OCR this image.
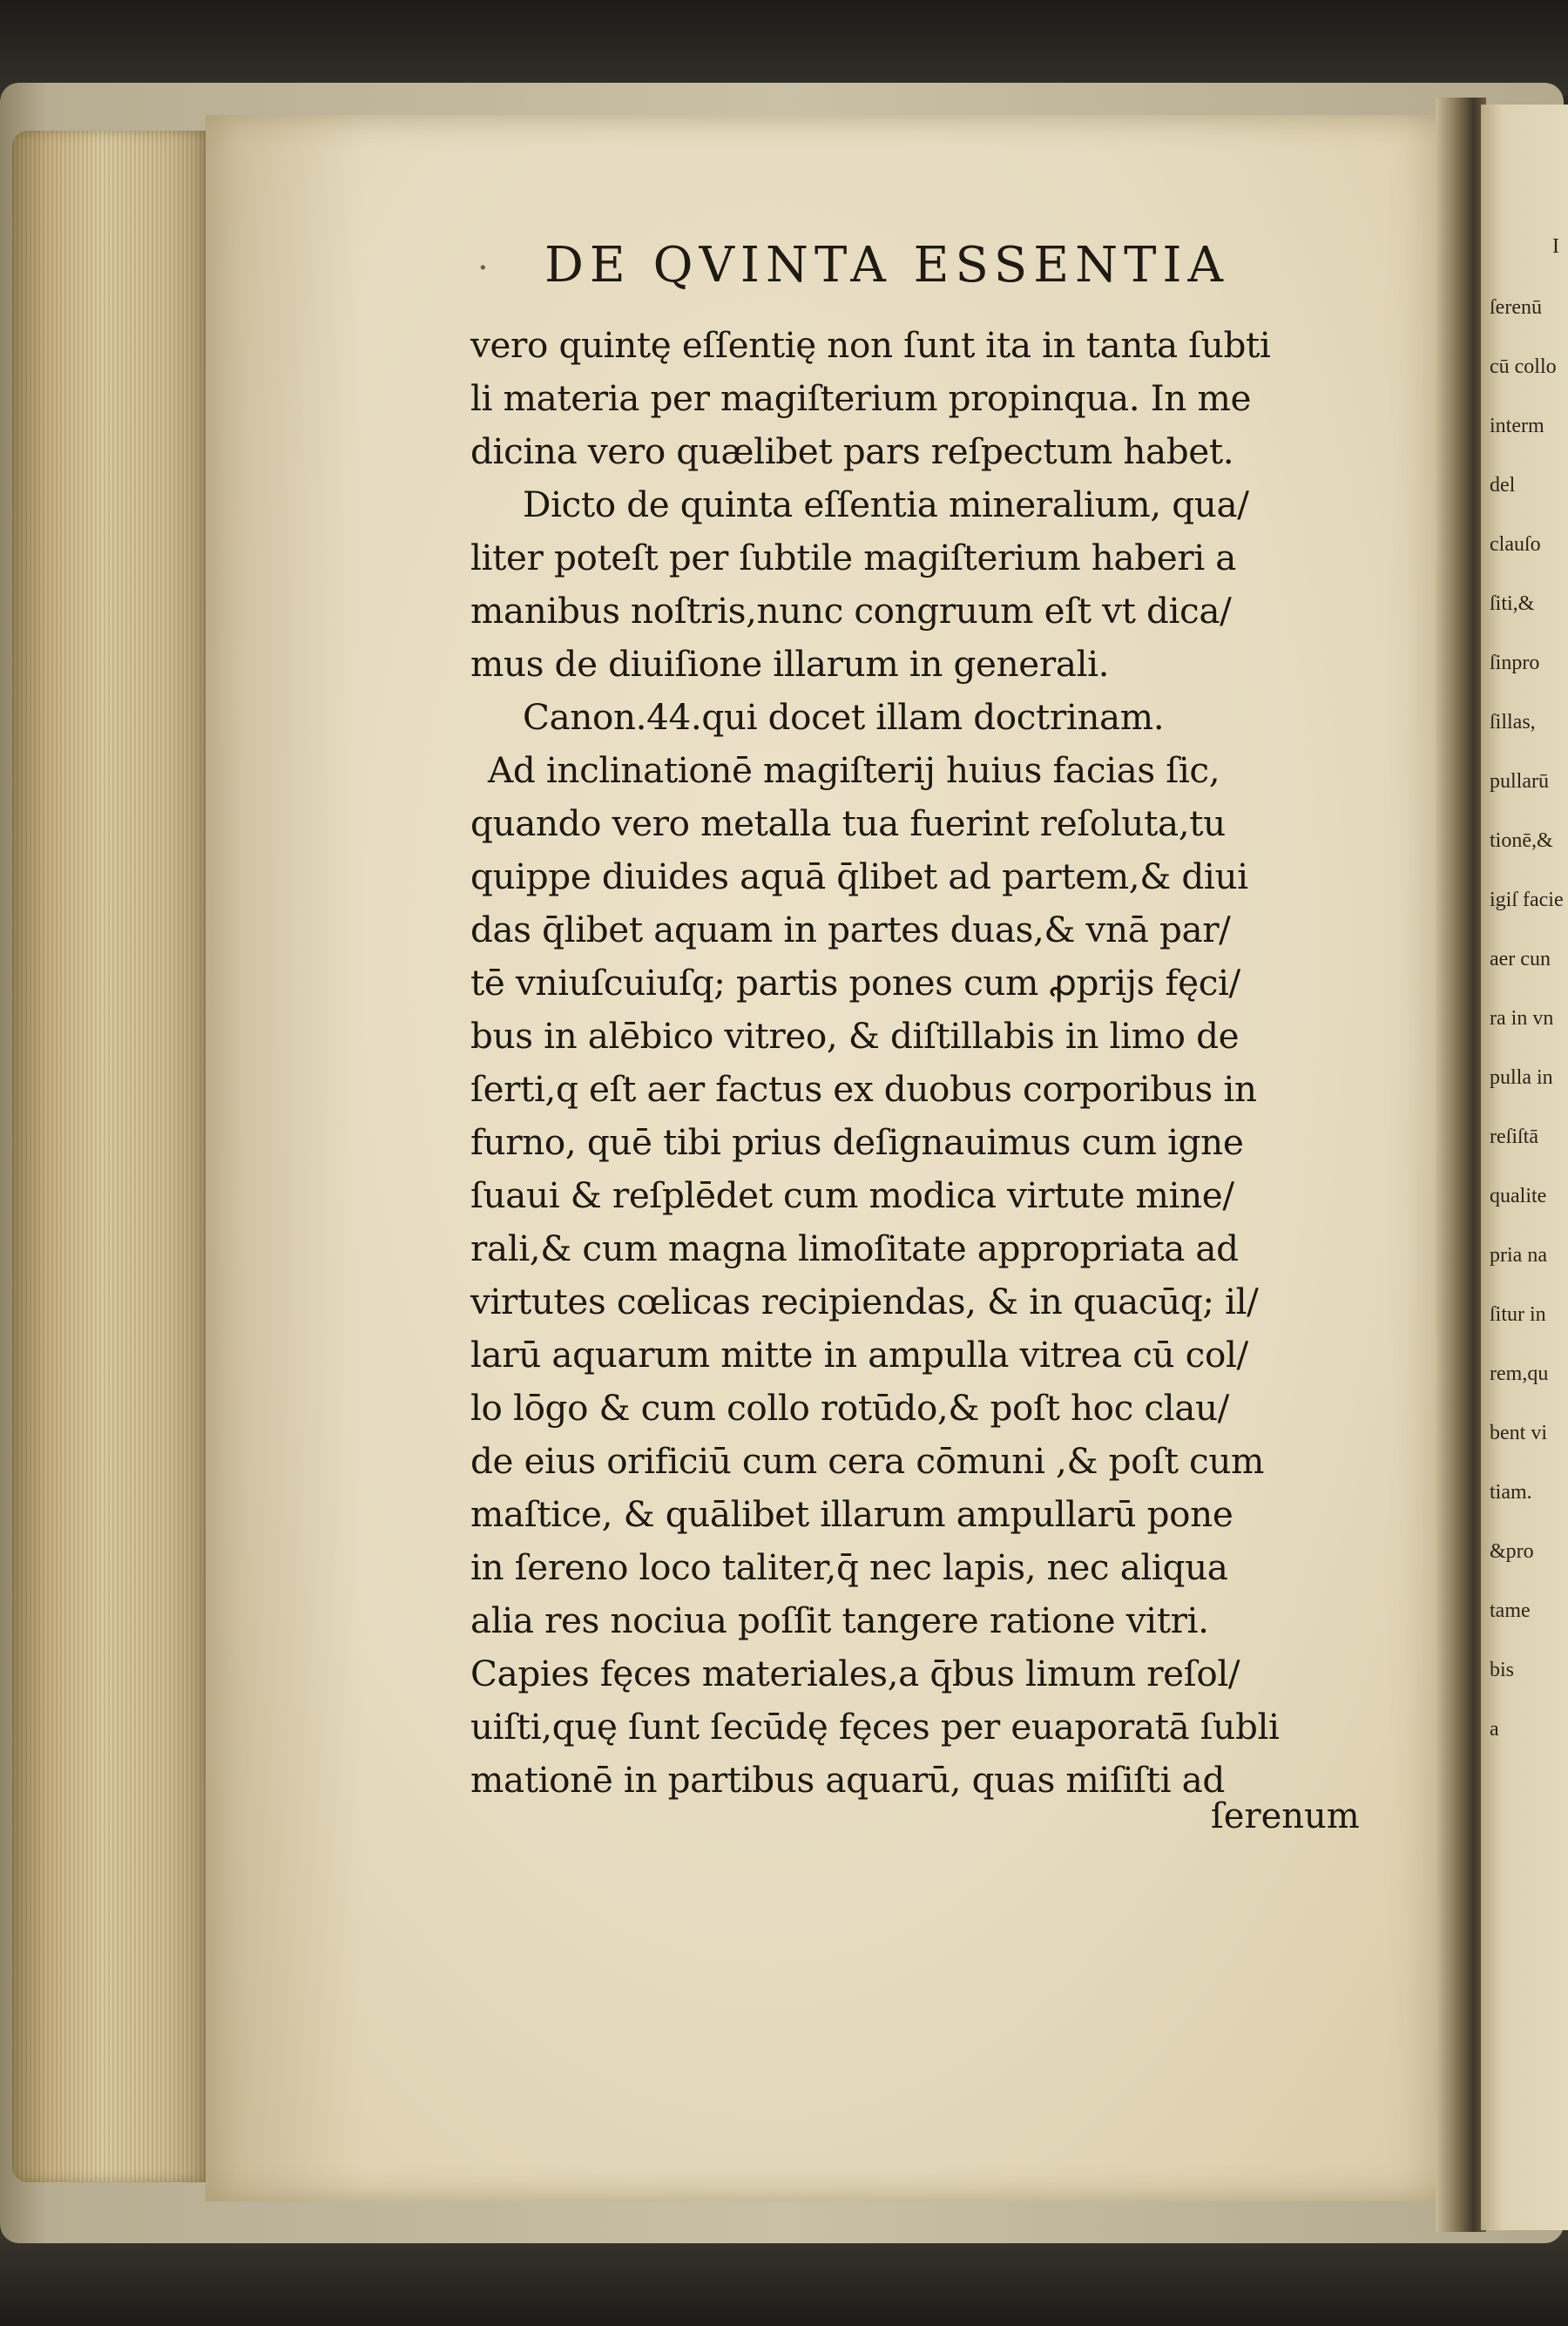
I
ſerenū
cū collo
interm
del
clauſo
ſiti,&
ſinpro
ſillas,
pullarū
tionē,&
igiſ facie
aer cun
ra in vn
pulla in
reſiſtā
qualite
pria na
ſitur in
rem,qu
bent vi
tiam.
&pro
tame
bis
a
· DE QVINTA ESSENTIA
vero quintę eſſentię non ſunt ita in tanta ſubti
li materia per magiſterium propinqua. In me
dicina vero quælibet pars reſpectum habet.
Dicto de quinta eſſentia mineralium, qua/
liter poteſt per ſubtile magiſterium haberi a
manibus noſtris,nunc congruum eſt vt dica/
mus de diuiſione illarum in generali.
Canon.44.qui docet illam doctrinam.
Ad inclinationē magiſterij huius facias ſic,
quando vero metalla tua fuerint reſoluta,tu
quippe diuides aquā q̄libet ad partem,& diui
das q̄libet aquam in partes duas,& vnā par/
tē vniuſcuiuſq; partis pones cum ꝓprijs fęci/
bus in alēbico vitreo, & diſtillabis in limo de
ſerti,q eſt aer factus ex duobus corporibus in
furno, quē tibi prius deſignauimus cum igne
ſuaui & reſplēdet cum modica virtute mine/
rali,& cum magna limoſitate appropriata ad
virtutes cœlicas recipiendas, & in quacūq; il/
larū aquarum mitte in ampulla vitrea cū col/
lo lōgo & cum collo rotūdo,& poſt hoc clau/
de eius orificiū cum cera cōmuni ,& poſt cum
maſtice, & quālibet illarum ampullarū pone
in ſereno loco taliter,q̄ nec lapis, nec aliqua
alia res nociua poſſit tangere ratione vitri.
Capies fęces materiales,a q̄bus limum reſol/
uiſti,quę ſunt ſecūdę fęces per euaporatā ſubli
mationē in partibus aquarū, quas miſiſti ad
ſerenum
